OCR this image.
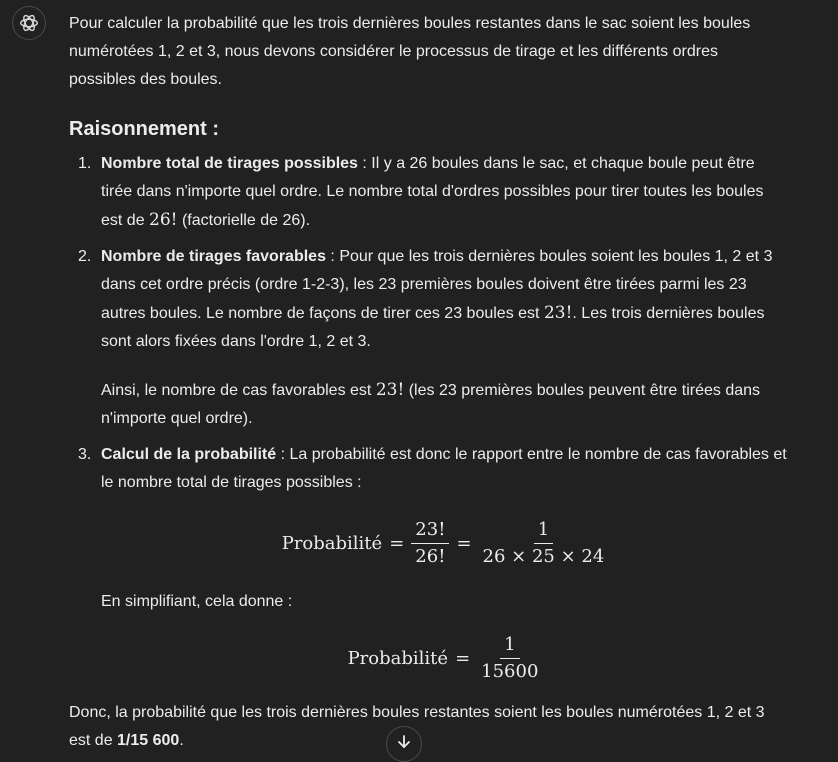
Pour calculer la probabilité que les trois dernières boules restantes dans le sac soient les boules numérotées 1, 2 et 3, nous devons considérer le processus de tirage et les différents ordres possibles des boules.

Raisonnement :
1. Nombre total de tirages possibles : Il y a 26 boules dans le sac, et chaque boule peut être tirée dans n'importe quel ordre. Le nombre total d'ordres possibles pour tirer toutes les boules est de 26! (factorielle de 26).

2. Nombre de tirages favorables : Pour que les trois dernières boules soient les boules 1, 2 et 3 dans cet ordre précis (ordre 1-2-3), les 23 premières boules doivent être tirées parmi les 23 autres boules. Le nombre de façons de tirer ces 23 boules est 23!. Les trois dernières boules sont alors fixées dans l'ordre 1, 2 et 3.

Ainsi, le nombre de cas favorables est 23! (les 23 premières boules peuvent être tirées dans n'importe quel ordre).

3. Calcul de la probabilité : La probabilité est donc le rapport entre le nombre de cas favorables et le nombre total de tirages possibles :

Probabilité = $\frac{23!}{26!} = \frac{1}{26 \times 25 \times 24}$

En simplifiant, cela donne :

Probabilité = $\frac{1}{15600}$

Donc, la probabilité que les trois dernières boules restantes soient les boules numérotées 1, 2 et 3 est de 1/15 600.
